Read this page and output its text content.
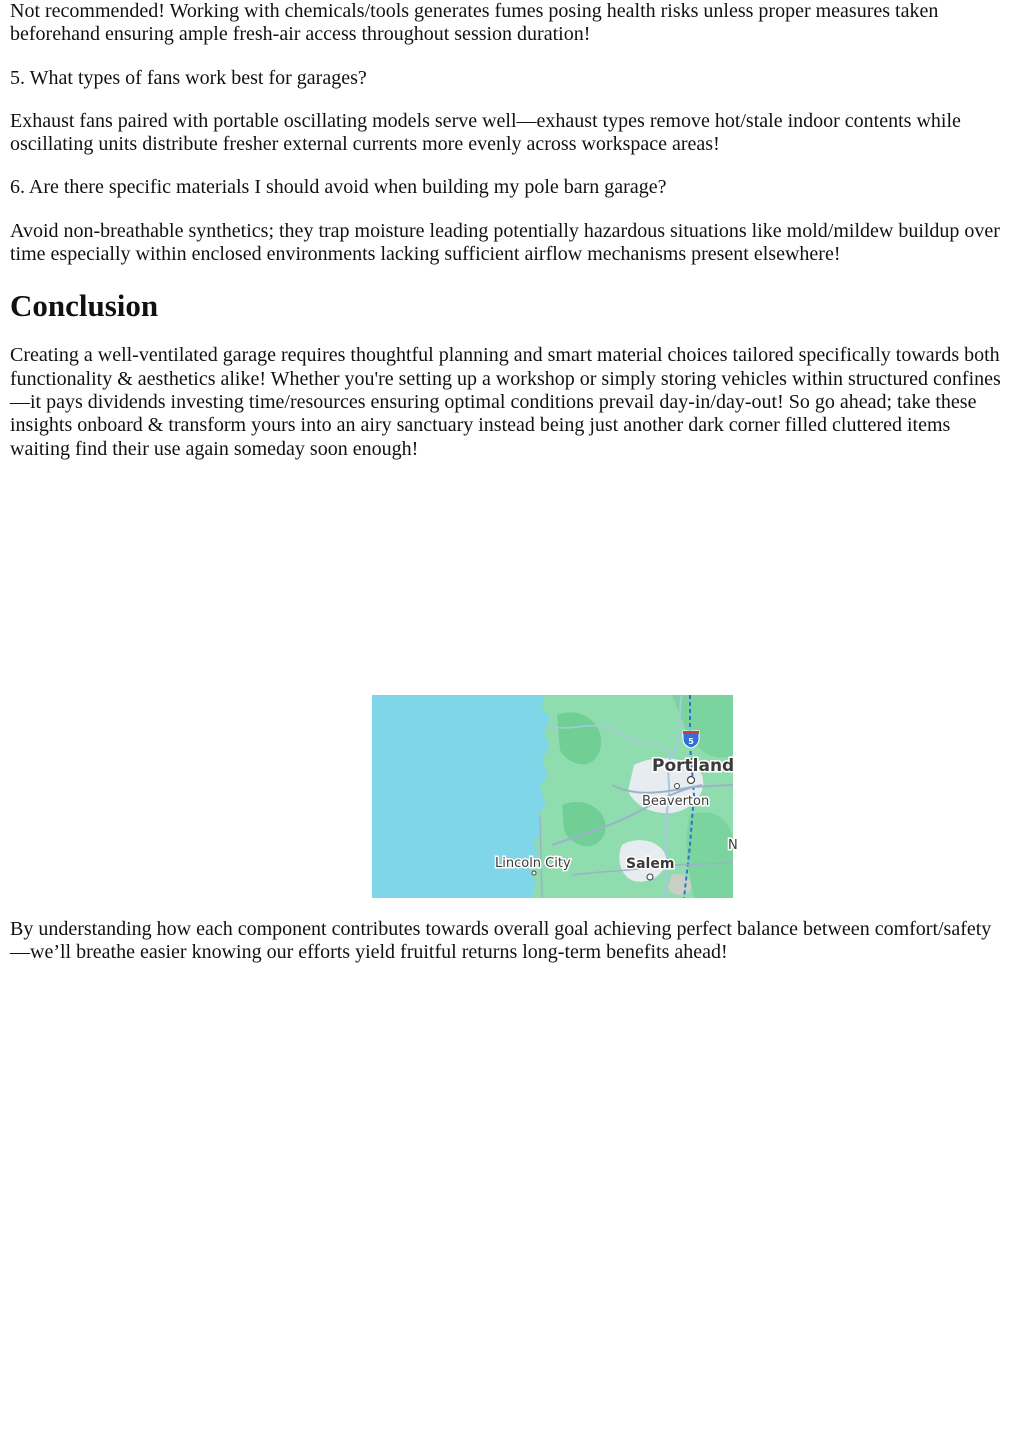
Not recommended! Working with chemicals/tools generates fumes posing health risks unless proper measures taken beforehand ensuring ample fresh-air access throughout session duration!

5. What types of fans work best for garages?

Exhaust fans paired with portable oscillating models serve well—exhaust types remove hot/stale indoor contents while oscillating units distribute fresher external currents more evenly across workspace areas!

6. Are there specific materials I should avoid when building my pole barn garage?

Avoid non-breathable synthetics; they trap moisture leading potentially hazardous situations like mold/mildew buildup over time especially within enclosed environments lacking sufficient airflow mechanisms present elsewhere!

Conclusion

Creating a well-ventilated garage requires thoughtful planning and smart material choices tailored specifically towards both functionality & aesthetics alike! Whether you're setting up a workshop or simply storing vehicles within structured confines—it pays dividends investing time/resources ensuring optimal conditions prevail day-in/day-out! So go ahead; take these insights onboard & transform yours into an airy sanctuary instead being just another dark corner filled cluttered items waiting find their use again someday soon enough!

5
Portland
Beaverton
Lincoln City	Salem
N

By understanding how each component contributes towards overall goal achieving perfect balance between comfort/safety—we’ll breathe easier knowing our efforts yield fruitful returns long-term benefits ahead!
